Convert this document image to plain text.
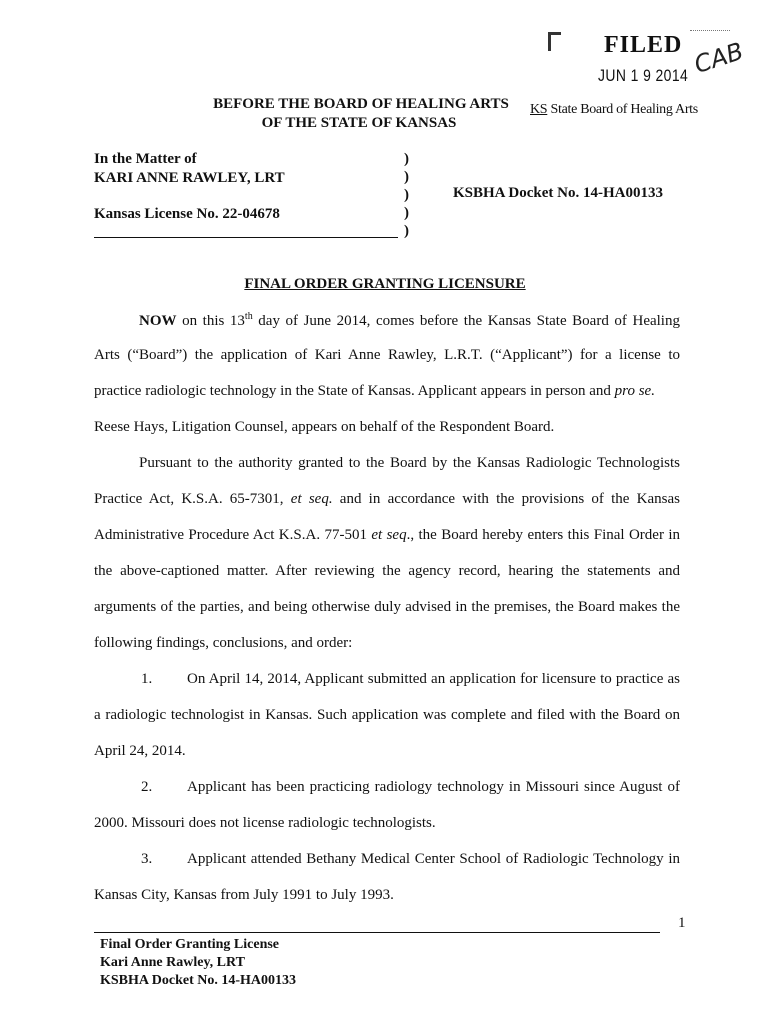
FILED
JUN 1 9 2014 CAB
KS State Board of Healing Arts
BEFORE THE BOARD OF HEALING ARTS
OF THE STATE OF KANSAS
In the Matter of
KARI ANNE RAWLEY, LRT
Kansas License No. 22-04678
)
)
)
)
)
KSBHA Docket No. 14-HA00133
FINAL ORDER GRANTING LICENSURE
NOW on this 13th day of June 2014, comes before the Kansas State Board of Healing
Arts (“Board”) the application of Kari Anne Rawley, L.R.T. (“Applicant”) for a license to
practice radiologic technology in the State of Kansas. Applicant appears in person and pro se.
Reese Hays, Litigation Counsel, appears on behalf of the Respondent Board.
Pursuant to the authority granted to the Board by the Kansas Radiologic Technologists
Practice Act, K.S.A. 65-7301, et seq. and in accordance with the provisions of the Kansas
Administrative Procedure Act K.S.A. 77-501 et seq., the Board hereby enters this Final Order in
the above-captioned matter. After reviewing the agency record, hearing the statements and
arguments of the parties, and being otherwise duly advised in the premises, the Board makes the
following findings, conclusions, and order:
1. On April 14, 2014, Applicant submitted an application for licensure to practice as
a radiologic technologist in Kansas. Such application was complete and filed with the Board on
April 24, 2014.
2. Applicant has been practicing radiology technology in Missouri since August of
2000. Missouri does not license radiologic technologists.
3. Applicant attended Bethany Medical Center School of Radiologic Technology in
Kansas City, Kansas from July 1991 to July 1993.
1
Final Order Granting License
Kari Anne Rawley, LRT
KSBHA Docket No. 14-HA00133
